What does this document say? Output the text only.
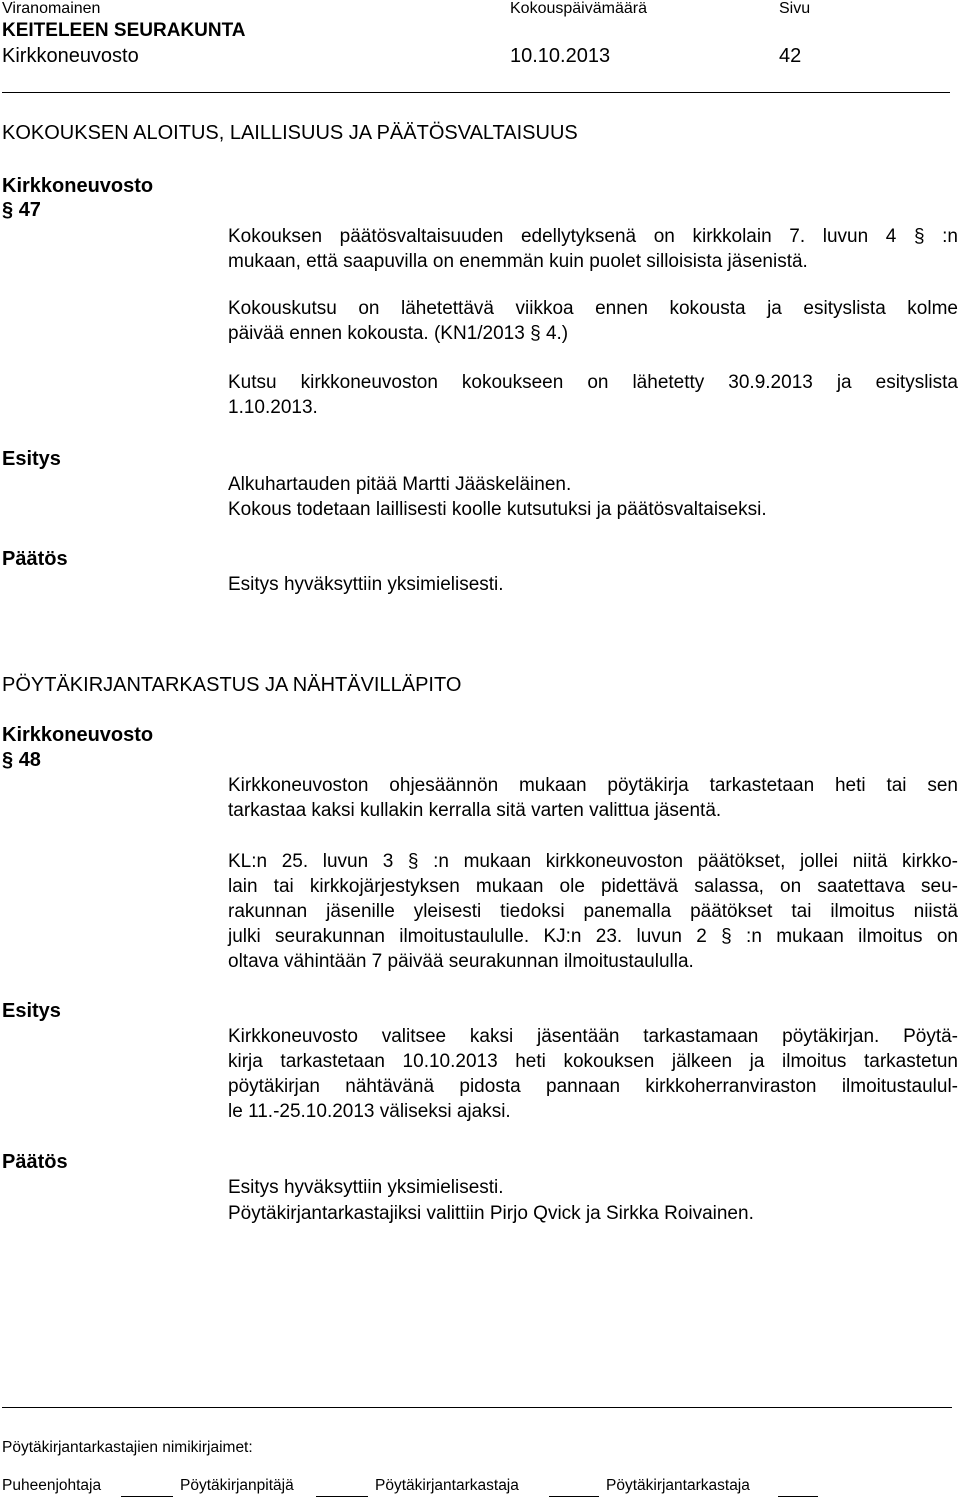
Viranomainen	Kokouspäivämäärä	Sivu
KEITELEEN SEURAKUNTA
Kirkkoneuvosto	10.10.2013	42
KOKOUKSEN ALOITUS, LAILLISUUS JA PÄÄTÖSVALTAISUUS
Kirkkoneuvosto
§ 47
Kokouksen päätösvaltaisuuden edellytyksenä on kirkkolain 7. luvun 4 § :n
mukaan, että saapuvilla on enemmän kuin puolet silloisista jäsenistä.
Kokouskutsu on lähetettävä viikkoa ennen kokousta ja esityslista kolme
päivää ennen kokousta. (KN1/2013 § 4.)
Kutsu kirkkoneuvoston kokoukseen on lähetetty 30.9.2013 ja esityslista
1.10.2013.
Esitys
Alkuhartauden pitää Martti Jääskeläinen.
Kokous todetaan laillisesti koolle kutsutuksi ja päätösvaltaiseksi.
Päätös
Esitys hyväksyttiin yksimielisesti.
PÖYTÄKIRJANTARKASTUS JA NÄHTÄVILLÄPITO
Kirkkoneuvosto
§ 48
Kirkkoneuvoston ohjesäännön mukaan pöytäkirja tarkastetaan heti tai sen
tarkastaa kaksi kullakin kerralla sitä varten valittua jäsentä.
KL:n 25. luvun 3 § :n mukaan kirkkoneuvoston päätökset, jollei niitä kirkko-
lain tai kirkkojärjestyksen mukaan ole pidettävä salassa, on saatettava seu-
rakunnan jäsenille yleisesti tiedoksi panemalla päätökset tai ilmoitus niistä
julki seurakunnan ilmoitustaululle. KJ:n 23. luvun 2 § :n mukaan ilmoitus on
oltava vähintään 7 päivää seurakunnan ilmoitustaululla.
Esitys
Kirkkoneuvosto valitsee kaksi jäsentään tarkastamaan pöytäkirjan. Pöytä-
kirja tarkastetaan 10.10.2013 heti kokouksen jälkeen ja ilmoitus tarkastetun
pöytäkirjan nähtävänä pidosta pannaan kirkkoherranviraston ilmoitustaulul-
le 11.-25.10.2013 väliseksi ajaksi.
Päätös
Esitys hyväksyttiin yksimielisesti.
Pöytäkirjantarkastajiksi valittiin Pirjo Qvick ja Sirkka Roivainen.
Pöytäkirjantarkastajien nimikirjaimet:
Puheenjohtaja	Pöytäkirjanpitäjä	Pöytäkirjantarkastaja	Pöytäkirjantarkastaja
